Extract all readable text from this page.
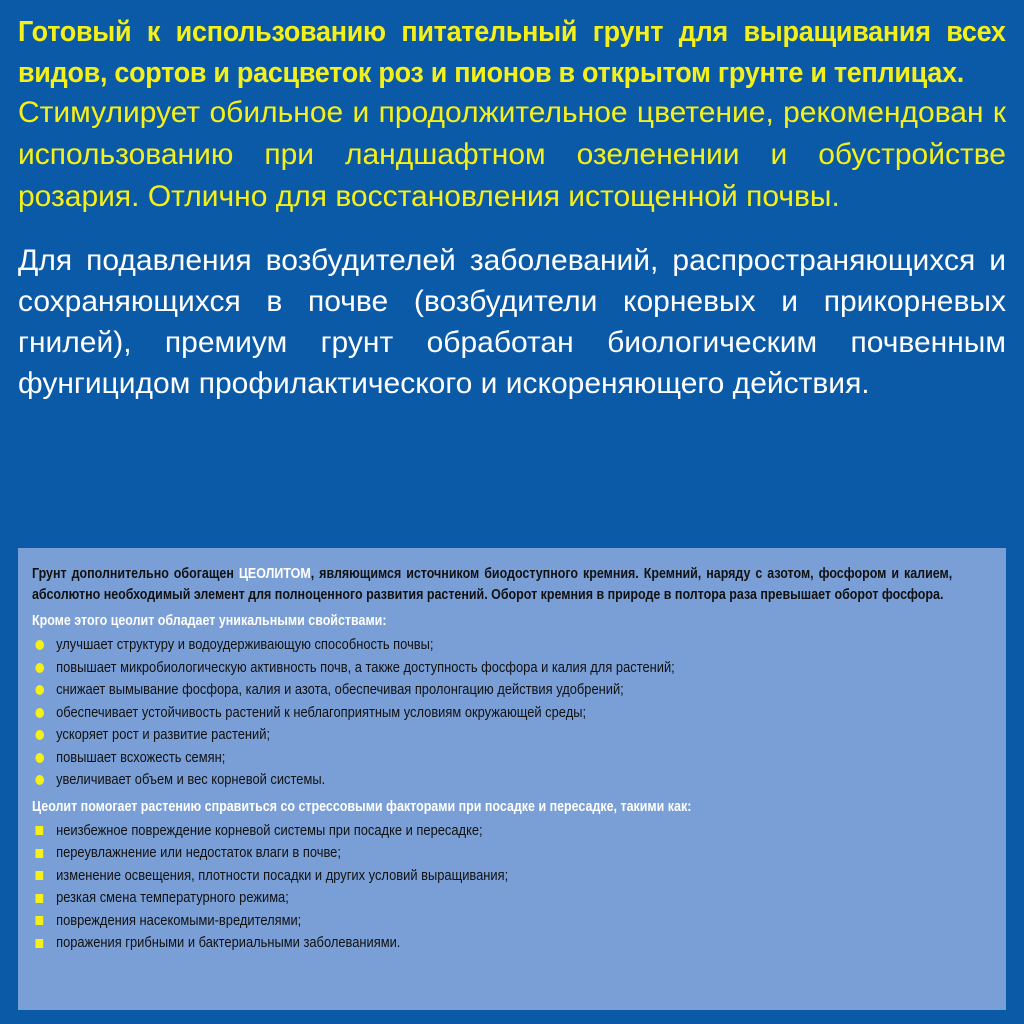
Готовый к использованию питательный грунт для выращивания всех видов, сортов и расцветок роз и пионов в открытом грунте и теплицах.

Стимулирует обильное и продолжительное цветение, рекомендован к использованию при ландшафтном озеленении и обустройстве розария. Отлично для восстановления истощенной почвы.

Для подавления возбудителей заболеваний, распространяющихся и сохраняющихся в почве (возбудители корневых и прикорневых гнилей), премиум грунт обработан биологическим почвенным фунгицидом профилактического и искореняющего действия.

Грунт дополнительно обогащен ЦЕОЛИТОМ, являющимся источником биодоступного кремния. Кремний, наряду с азотом, фосфором и калием, абсолютно необходимый элемент для полноценного развития растений. Оборот кремния в природе в полтора раза превышает оборот фосфора.

Кроме этого цеолит обладает уникальными свойствами:
улучшает структуру и водоудерживающую способность почвы;
повышает микробиологическую активность почв, а также доступность фосфора и калия для растений;
снижает вымывание фосфора, калия и азота, обеспечивая пролонгацию действия удобрений;
обеспечивает устойчивость растений к неблагоприятным условиям окружающей среды;
ускоряет рост и развитие растений;
повышает всхожесть семян;
увеличивает объем и вес корневой системы.
Цеолит помогает растению справиться со стрессовыми факторами при посадке и пересадке, такими как:
неизбежное повреждение корневой системы при посадке и пересадке;
переувлажнение или недостаток влаги в почве;
изменение освещения, плотности посадки и других условий выращивания;
резкая смена температурного режима;
повреждения насекомыми-вредителями;
поражения грибными и бактериальными заболеваниями.
